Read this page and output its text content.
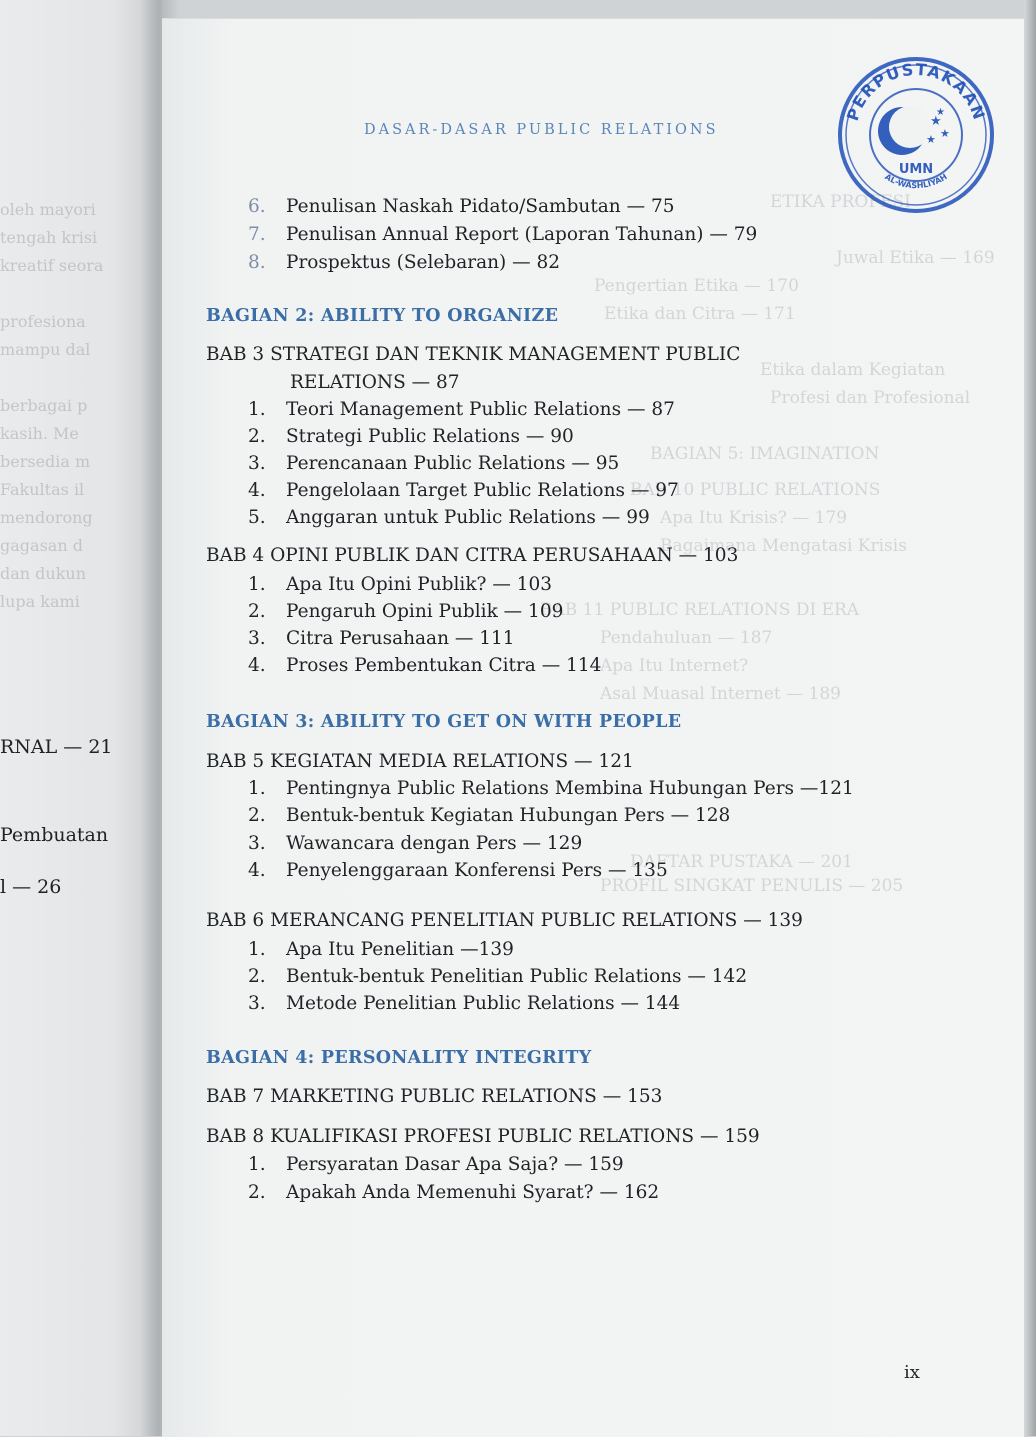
oleh mayori
tengah krisi
kreatif seora
profesiona
mampu dal
berbagai p
kasih. Me
bersedia m
Fakultas il
mendorong
gagasan d
dan dukun
lupa kami
RNAL — 21
Pembuatan
l — 26
ETIKA PROFESI
Juwal Etika — 169
Pengertian Etika — 170
Etika dan Citra — 171
Etika dalam Kegiatan
Profesi dan Profesional
BAGIAN 5: IMAGINATION
BAB 10 PUBLIC RELATIONS
Apa Itu Krisis? — 179
Bagaimana Mengatasi Krisis
BAB 11 PUBLIC RELATIONS DI ERA
Pendahuluan — 187
Apa Itu Internet?
Asal Muasal Internet — 189
DAFTAR PUSTAKA — 201
PROFIL SINGKAT PENULIS — 205
DASAR-DASAR PUBLIC RELATIONS
PERPUSTAKAAN
★
★
★
★
UMN
AL-WASHLIYAH
6. Penulisan Naskah Pidato/Sambutan — 75
7. Penulisan Annual Report (Laporan Tahunan) — 79
8. Prospektus (Selebaran) — 82
BAGIAN 2: ABILITY TO ORGANIZE
BAB 3 STRATEGI DAN TEKNIK MANAGEMENT PUBLIC
RELATIONS — 87
1. Teori Management Public Relations — 87
2. Strategi Public Relations — 90
3. Perencanaan Public Relations — 95
4. Pengelolaan Target Public Relations — 97
5. Anggaran untuk Public Relations — 99
BAB 4 OPINI PUBLIK DAN CITRA PERUSAHAAN — 103
1. Apa Itu Opini Publik? — 103
2. Pengaruh Opini Publik — 109
3. Citra Perusahaan — 111
4. Proses Pembentukan Citra — 114
BAGIAN 3: ABILITY TO GET ON WITH PEOPLE
BAB 5 KEGIATAN MEDIA RELATIONS — 121
1. Pentingnya Public Relations Membina Hubungan Pers —121
2. Bentuk-bentuk Kegiatan Hubungan Pers — 128
3. Wawancara dengan Pers — 129
4. Penyelenggaraan Konferensi Pers — 135
BAB 6 MERANCANG PENELITIAN PUBLIC RELATIONS — 139
1. Apa Itu Penelitian —139
2. Bentuk-bentuk Penelitian Public Relations — 142
3. Metode Penelitian Public Relations — 144
BAGIAN 4: PERSONALITY INTEGRITY
BAB 7 MARKETING PUBLIC RELATIONS — 153
BAB 8 KUALIFIKASI PROFESI PUBLIC RELATIONS — 159
1. Persyaratan Dasar Apa Saja? — 159
2. Apakah Anda Memenuhi Syarat? — 162
ix
